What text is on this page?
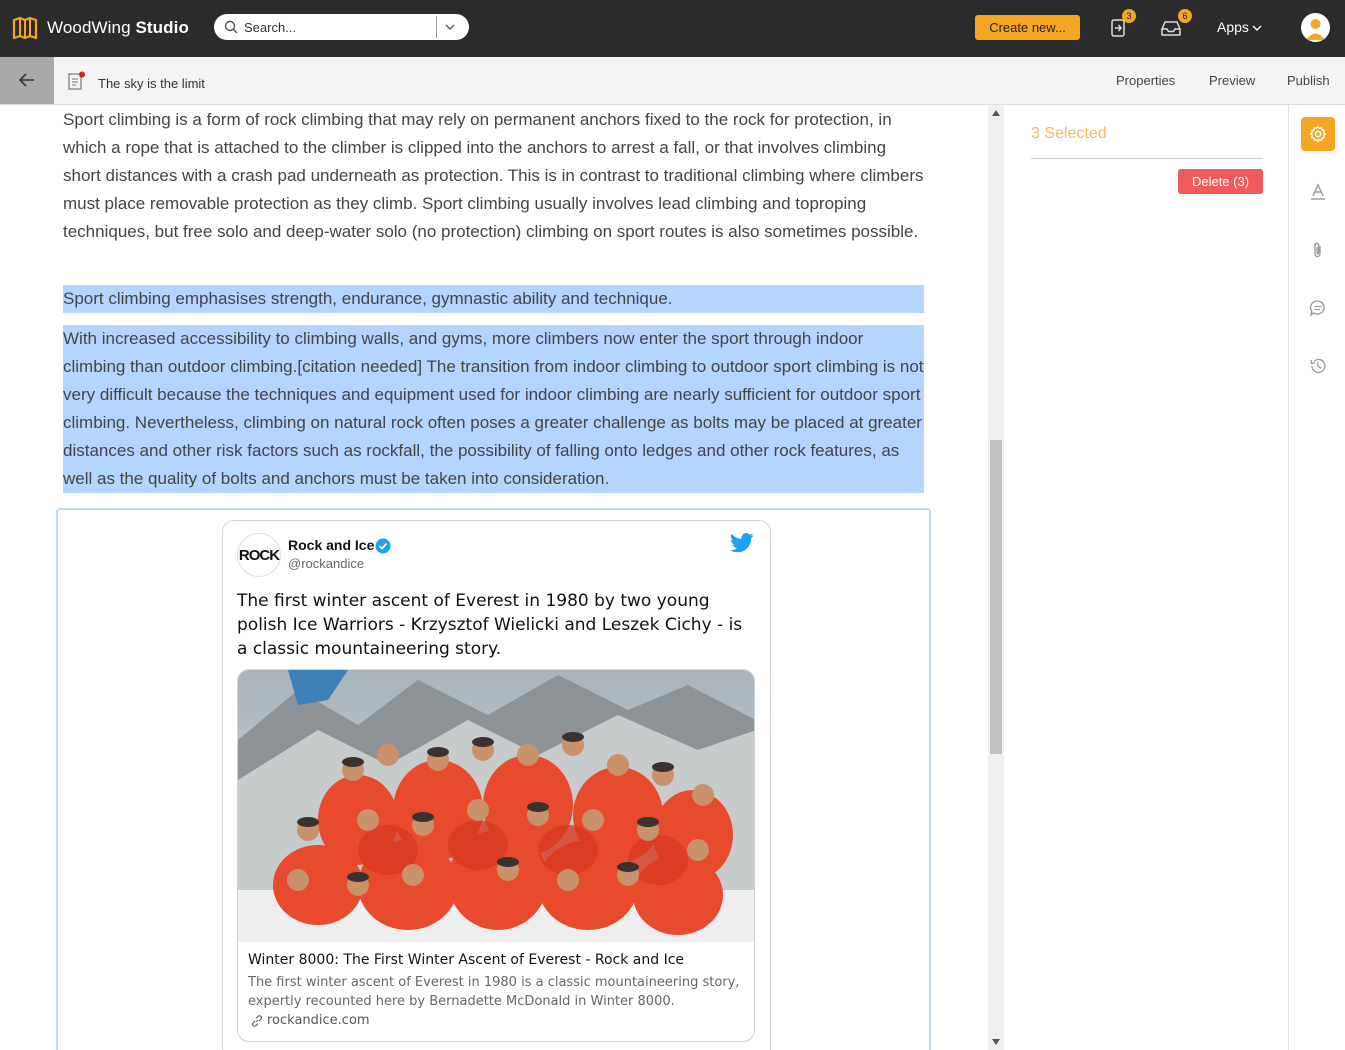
WoodWing Studio
Search...	Create new...
3	6
Apps
The sky is the limit	Properties	Preview Publish
Sport climbing is a form of rock climbing that may rely on permanent anchors fixed to the rock for protection, in which a rope that is attached to the climber is clipped into the anchors to arrest a fall, or that involves climbing short distances with a crash pad underneath as protection. This is in contrast to traditional climbing where climbers must place removable protection as they climb. Sport climbing usually involves lead climbing and toproping techniques, but free solo and deep-water solo (no protection) climbing on sport routes is also sometimes possible.
Sport climbing emphasises strength, endurance, gymnastic ability and technique.
With increased accessibility to climbing walls, and gyms, more climbers now enter the sport through indoor climbing than outdoor climbing.[citation needed] The transition from indoor climbing to outdoor sport climbing is not very difficult because the techniques and equipment used for indoor climbing are nearly sufficient for outdoor sport climbing. Nevertheless, climbing on natural rock often poses a greater challenge as bolts may be placed at greater distances and other risk factors such as rockfall, the possibility of falling onto ledges and other rock features, as well as the quality of bolts and anchors must be taken into consideration.
ROCK
Rock and Ice
@rockandice
The first winter ascent of Everest in 1980 by two young polish Ice Warriors - Krzysztof Wielicki and Leszek Cichy - is a classic mountaineering story.
Winter 8000: The First Winter Ascent of Everest - Rock and Ice
The first winter ascent of Everest in 1980 is a classic mountaineering story, expertly recounted here by Bernadette McDonald in Winter 8000.
rockandice.com
3 Selected
Delete (3)
